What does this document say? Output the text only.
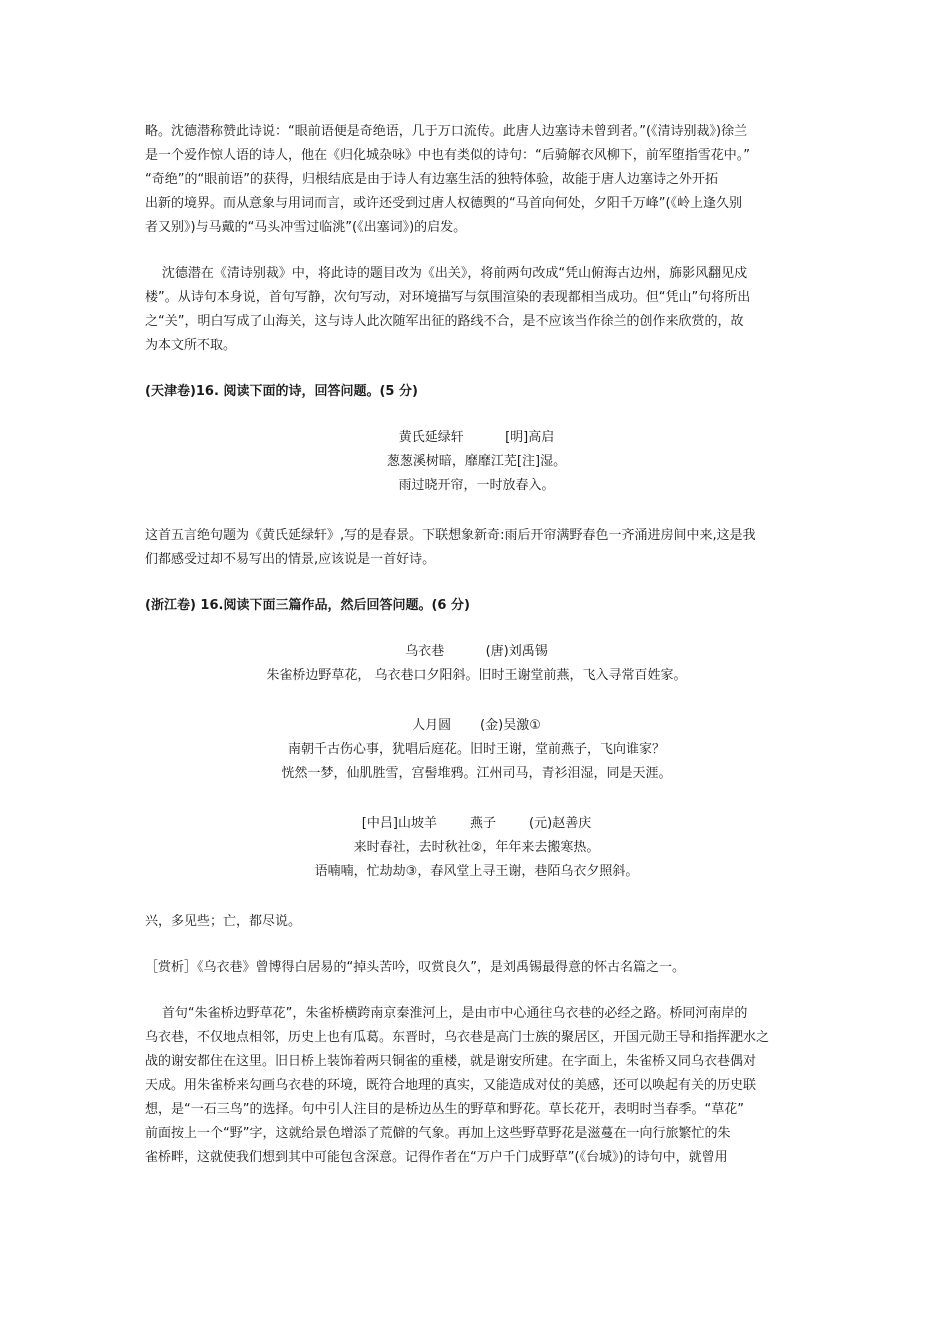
略。沈德潜称赞此诗说：“眼前语便是奇绝语，几于万口流传。此唐人边塞诗未曾到者。”(《清诗别裁》)徐兰
是一个爱作惊人语的诗人，他在《归化城杂咏》中也有类似的诗句：“后骑解衣风柳下，前军堕指雪花中。”
“奇绝”的“眼前语”的获得，归根结底是由于诗人有边塞生活的独特体验，故能于唐人边塞诗之外开拓
出新的境界。而从意象与用词而言，或许还受到过唐人权德舆的“马首向何处，夕阳千万峰”(《岭上逢久别
者又别》)与马戴的“马头冲雪过临洮”(《出塞词》)的启发。
沈德潜在《清诗别裁》中，将此诗的题目改为《出关》，将前两句改成“凭山俯海古边州，旆影风翻见戍
楼”。从诗句本身说，首句写静，次句写动，对环境描写与氛围渲染的表现都相当成功。但“凭山”句将所出
之“关”，明白写成了山海关，这与诗人此次随军出征的路线不合，是不应该当作徐兰的创作来欣赏的，故
为本文所不取。
(天津卷)16. 阅读下面的诗，回答问题。(5 分)
黄氏延绿轩          [明]高启
葱葱溪树暗，靡靡江芜[注]湿。
雨过晓开帘，一时放春入。
这首五言绝句题为《黄氏延绿轩》,写的是春景。下联想象新奇:雨后开帘满野春色一齐涌进房间中来,这是我
们都感受过却不易写出的情景,应该说是一首好诗。
(浙江卷) 16.阅读下面三篇作品，然后回答问题。(6 分)
乌衣巷          (唐)刘禹锡
朱雀桥边野草花， 乌衣巷口夕阳斜。旧时王谢堂前燕，飞入寻常百姓家。
人月圆       (金)吴激①
南朝千古伤心事，犹唱后庭花。旧时王谢，堂前燕子，飞向谁家？
恍然一梦，仙肌胜雪，宫髻堆鸦。江州司马，青衫泪湿，同是天涯。
[中吕]山坡羊        燕子        (元)赵善庆
来时春社，去时秋社②，年年来去搬寒热。
语喃喃，忙劫劫③，春风堂上寻王谢，巷陌乌衣夕照斜。
兴，多见些；亡，都尽说。
［赏析］《乌衣巷》曾博得白居易的“掉头苦吟，叹赏良久”，是刘禹锡最得意的怀古名篇之一。
首句“朱雀桥边野草花”，朱雀桥横跨南京秦淮河上，是由市中心通往乌衣巷的必经之路。桥同河南岸的
乌衣巷，不仅地点相邻，历史上也有瓜葛。东晋时，乌衣巷是高门士族的聚居区，开国元勋王导和指挥淝水之
战的谢安都住在这里。旧日桥上装饰着两只铜雀的重楼，就是谢安所建。在字面上，朱雀桥又同乌衣巷偶对
天成。用朱雀桥来勾画乌衣巷的环境，既符合地理的真实，又能造成对仗的美感，还可以唤起有关的历史联
想，是“一石三鸟”的选择。句中引人注目的是桥边丛生的野草和野花。草长花开，表明时当春季。“草花”
前面按上一个“野”字，这就给景色增添了荒僻的气象。再加上这些野草野花是滋蔓在一向行旅繁忙的朱
雀桥畔，这就使我们想到其中可能包含深意。记得作者在“万户千门成野草”(《台城》)的诗句中，就曾用
